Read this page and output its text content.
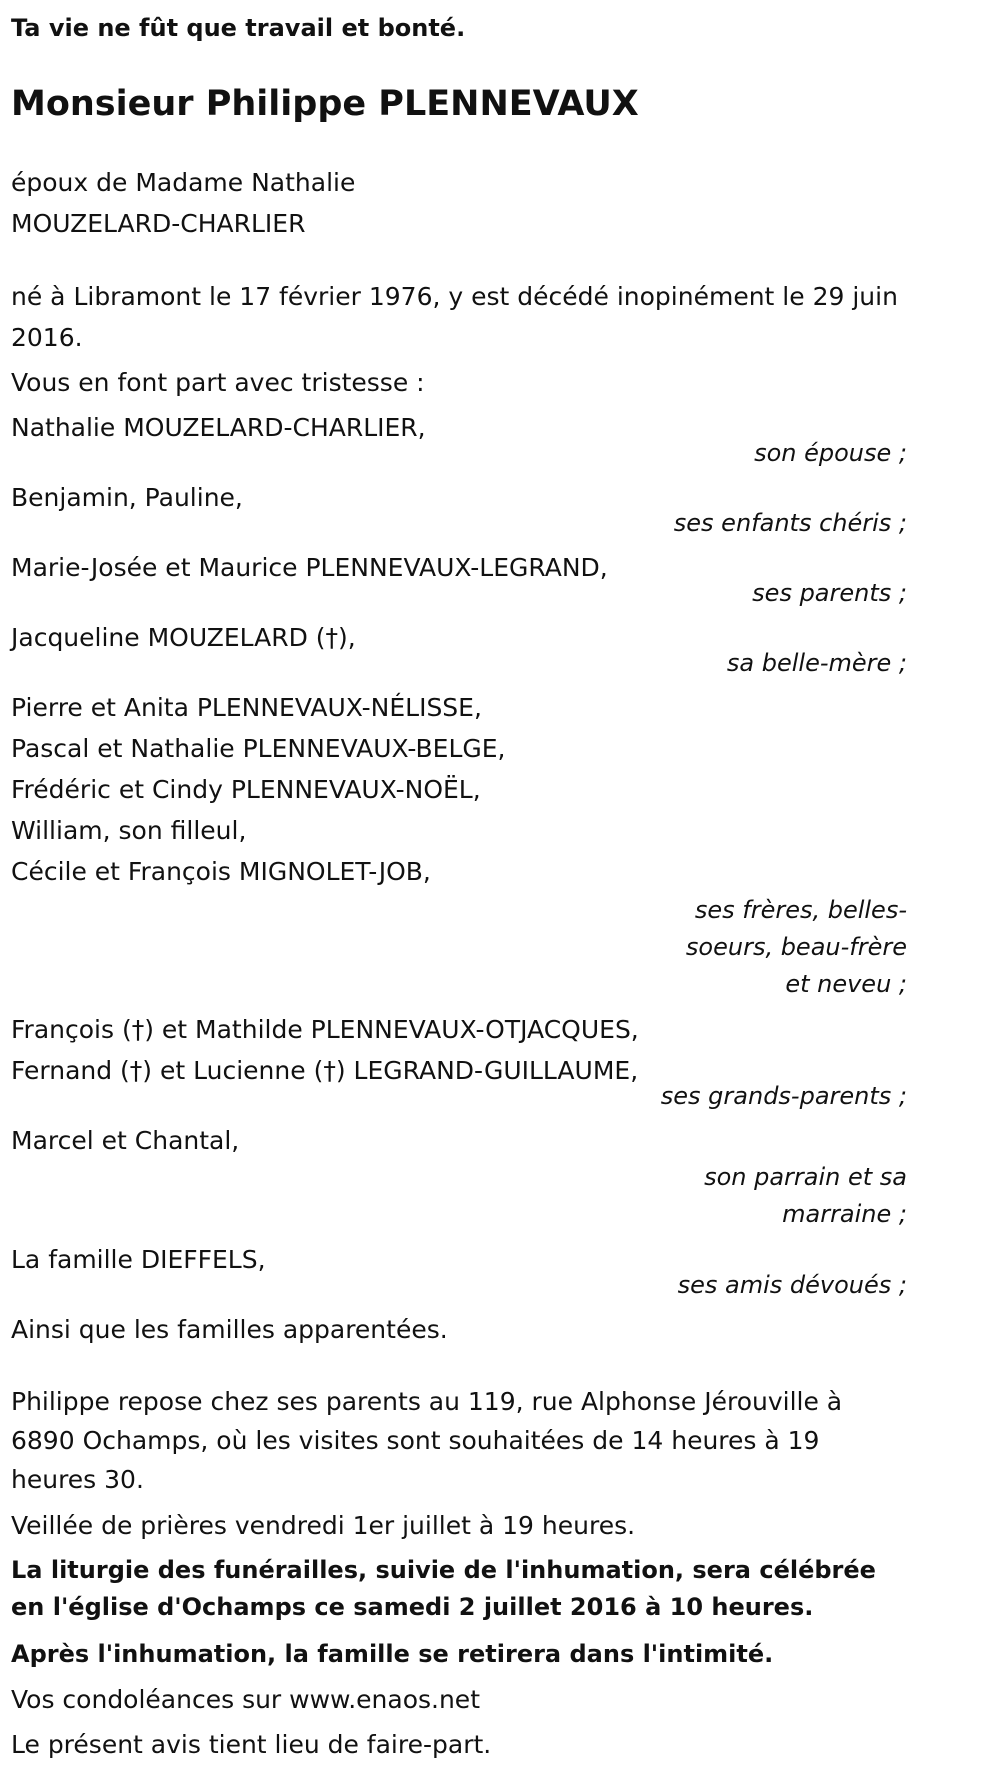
Ta vie ne fût que travail et bonté.

Monsieur Philippe PLENNEVAUX

époux de Madame Nathalie
MOUZELARD-CHARLIER
né à Libramont le 17 février 1976, y est décédé inopinément le 29 juin 2016.
Vous en font part avec tristesse :
Nathalie MOUZELARD-CHARLIER,
son épouse ;
Benjamin, Pauline,
ses enfants chéris ;
Marie-Josée et Maurice PLENNEVAUX-LEGRAND,
ses parents ;
Jacqueline MOUZELARD (†),
sa belle-mère ;
Pierre et Anita PLENNEVAUX-NÉLISSE,
Pascal et Nathalie PLENNEVAUX-BELGE,
Frédéric et Cindy PLENNEVAUX-NOËL,
William, son filleul,
Cécile et François MIGNOLET-JOB,
ses frères, belles-soeurs, beau-frère et neveu ;
François (†) et Mathilde PLENNEVAUX-OTJACQUES,
Fernand (†) et Lucienne (†) LEGRAND-GUILLAUME,
ses grands-parents ;
Marcel et Chantal,
son parrain et sa marraine ;
La famille DIEFFELS,
ses amis dévoués ;
Ainsi que les familles apparentées.
Philippe repose chez ses parents au 119, rue Alphonse Jérouville à 6890 Ochamps, où les visites sont souhaitées de 14 heures à 19 heures 30.
Veillée de prières vendredi 1er juillet à 19 heures.
La liturgie des funérailles, suivie de l'inhumation, sera célébrée en l'église d'Ochamps ce samedi 2 juillet 2016 à 10 heures.
Après l'inhumation, la famille se retirera dans l'intimité.
Vos condoléances sur www.enaos.net
Le présent avis tient lieu de faire-part.
